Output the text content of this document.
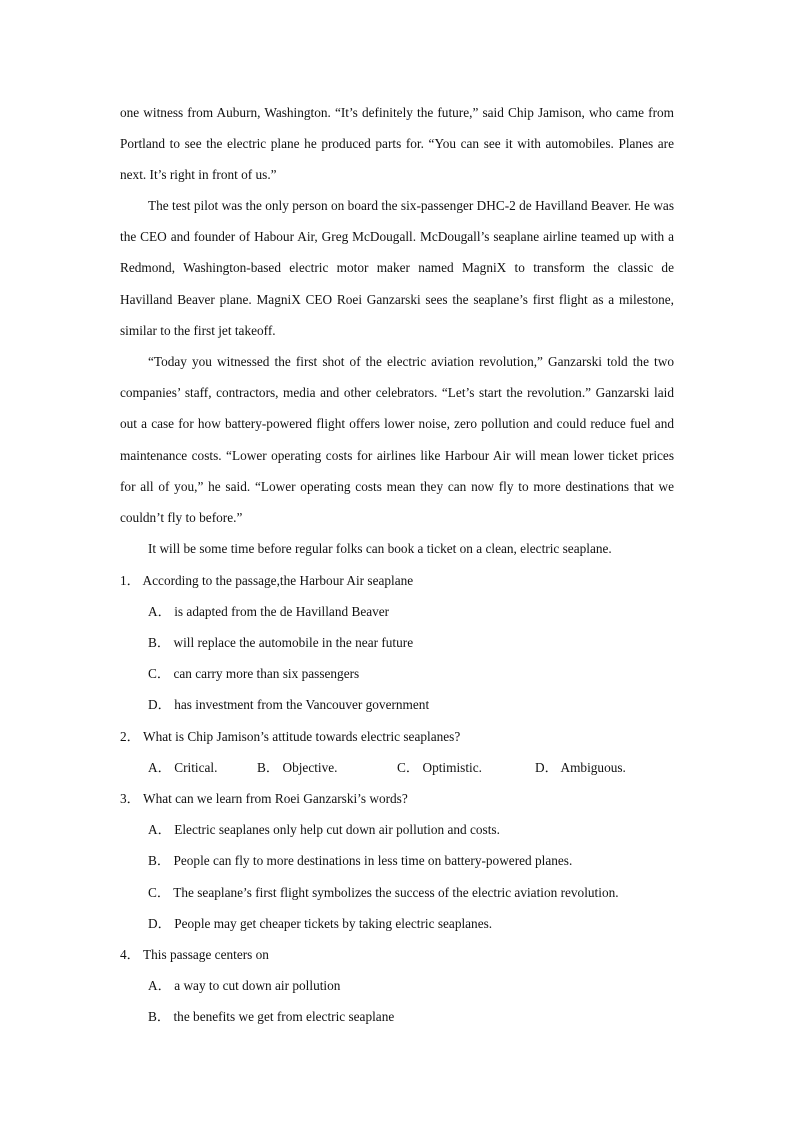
one witness from Auburn, Washington. “It’s definitely the future,” said Chip Jamison, who came from Portland to see the electric plane he produced parts for. “You can see it with automobiles. Planes are next. It’s right in front of us.”

The test pilot was the only person on board the six-passenger DHC-2 de Havilland Beaver. He was the CEO and founder of Habour Air, Greg McDougall. McDougall’s seaplane airline teamed up with a Redmond, Washington-based electric motor maker named MagniX to transform the classic de Havilland Beaver plane. MagniX CEO Roei Ganzarski sees the seaplane’s first flight as a milestone, similar to the first jet takeoff.

“Today you witnessed the first shot of the electric aviation revolution,” Ganzarski told the two companies’ staff, contractors, media and other celebrators. “Let’s start the revolution.” Ganzarski laid out a case for how battery-powered flight offers lower noise, zero pollution and could reduce fuel and maintenance costs. “Lower operating costs for airlines like Harbour Air will mean lower ticket prices for all of you,” he said. “Lower operating costs mean they can now fly to more destinations that we couldn’t fly to before.”

It will be some time before regular folks can book a ticket on a clean, electric seaplane.

1． According to the passage,the Harbour Air seaplane
A． is adapted from the de Havilland Beaver
B． will replace the automobile in the near future
C． can carry more than six passengers
D． has investment from the Vancouver government
2． What is Chip Jamison’s attitude towards electric seaplanes?
A． Critical.	B． Objective.	C． Optimistic.	D． Ambiguous.
3． What can we learn from Roei Ganzarski’s words?
A． Electric seaplanes only help cut down air pollution and costs.
B． People can fly to more destinations in less time on battery-powered planes.
C． The seaplane’s first flight symbolizes the success of the electric aviation revolution.
D． People may get cheaper tickets by taking electric seaplanes.
4． This passage centers on
A． a way to cut down air pollution
B． the benefits we get from electric seaplane
